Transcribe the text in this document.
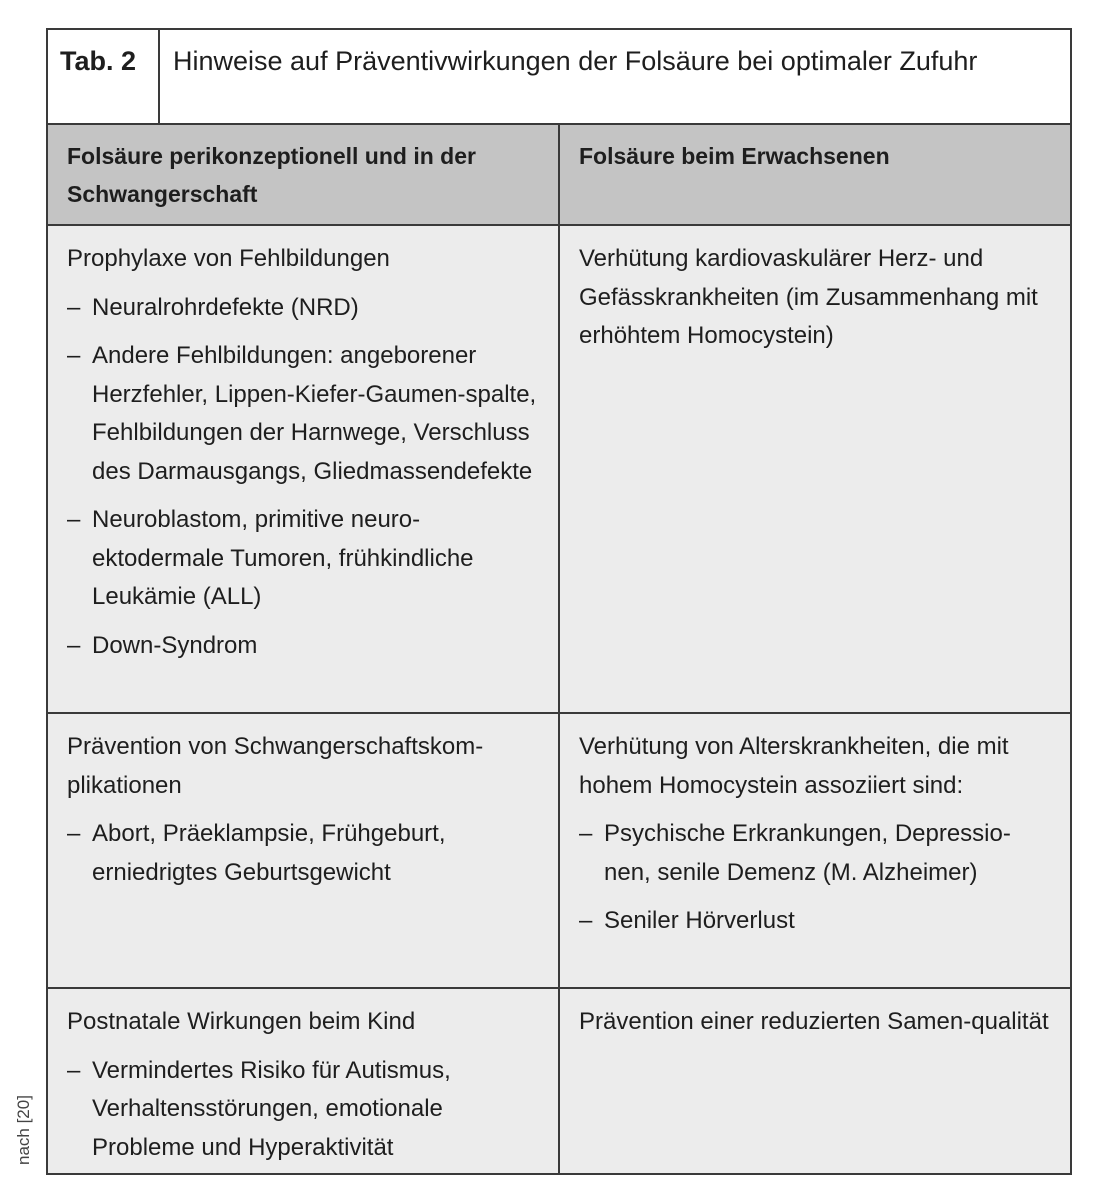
Tab. 2	Hinweise auf Präventivwirkungen der Folsäure bei optimaler Zufuhr
Folsäure perikonzeptionell und in der Schwangerschaft
Folsäure beim Erwachsenen
Prophylaxe von Fehlbildungen
– Neuralrohrdefekte (NRD)
– Andere Fehlbildungen: angeborener Herzfehler, Lippen-Kiefer-Gaumen-spalte, Fehlbildungen der Harnwege, Verschluss des Darmausgangs, Gliedmassendefekte
– Neuroblastom, primitive neuro-ektodermale Tumoren, frühkindliche Leukämie (ALL)
– Down-Syndrom
Verhütung kardiovaskulärer Herz- und Gefässkrankheiten (im Zusammenhang mit erhöhtem Homocystein)
Prävention von Schwangerschaftskom-plikationen
– Abort, Präeklampsie, Frühgeburt, erniedrigtes Geburtsgewicht
Verhütung von Alterskrankheiten, die mit hohem Homocystein assoziiert sind:
– Psychische Erkrankungen, Depressio-nen, senile Demenz (M. Alzheimer)
– Seniler Hörverlust
Postnatale Wirkungen beim Kind
– Vermindertes Risiko für Autismus, Verhaltensstörungen, emotionale Probleme und Hyperaktivität
Prävention einer reduzierten Samen-qualität
nach [20]
